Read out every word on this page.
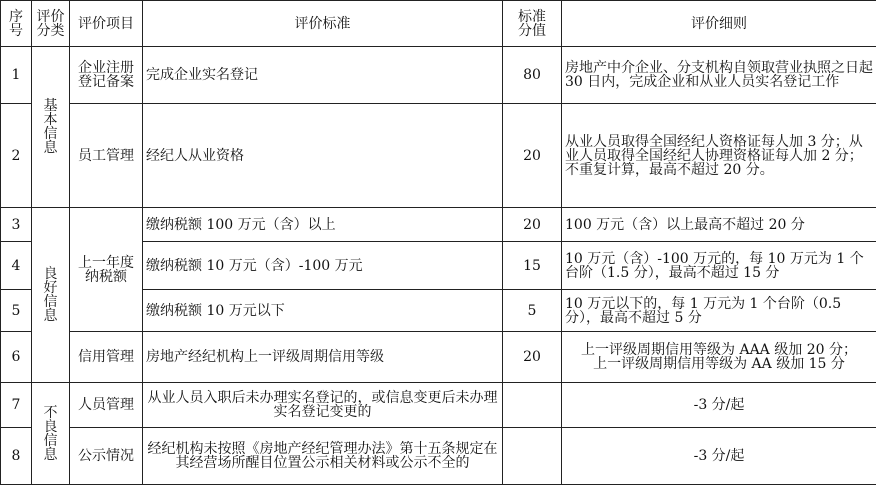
序号	评价分类	评价项目	评价标准	标准分值	评价细则
1	基本信息	企业注册登记备案	完成企业实名登记	80	房地产中介企业、分支机构自领取营业执照之日起 30 日内，完成企业和从业人员实名登记工作
2		员工管理	经纪人从业资格	20	从业人员取得全国经纪人资格证每人加 3 分；从业人员取得全国经纪人协理资格证每人加 2 分；
不重复计算，最高不超过 20 分。
3	良好信息	上一年度纳税额	缴纳税额 100 万元（含）以上	20	100 万元（含）以上最高不超过 20 分
4			缴纳税额 10 万元（含）-100 万元	15	10 万元（含）-100 万元的，每 10 万元为 1 个台阶（1.5 分），最高不超过 15 分
5			缴纳税额 10 万元以下	5	10 万元以下的，每 1 万元为 1 个台阶（0.5 分），最高不超过 5 分
6		信用管理	房地产经纪机构上一评级周期信用等级	20	上一评级周期信用等级为 AAA 级加 20 分；
上一评级周期信用等级为 AA 级加 15 分
7	不良信息	人员管理	从业人员入职后未办理实名登记的，或信息变更后未办理实名登记变更的		-3 分/起
8		公示情况	经纪机构未按照《房地产经纪管理办法》第十五条规定在其经营场所醒目位置公示相关材料或公示不全的		-3 分/起
